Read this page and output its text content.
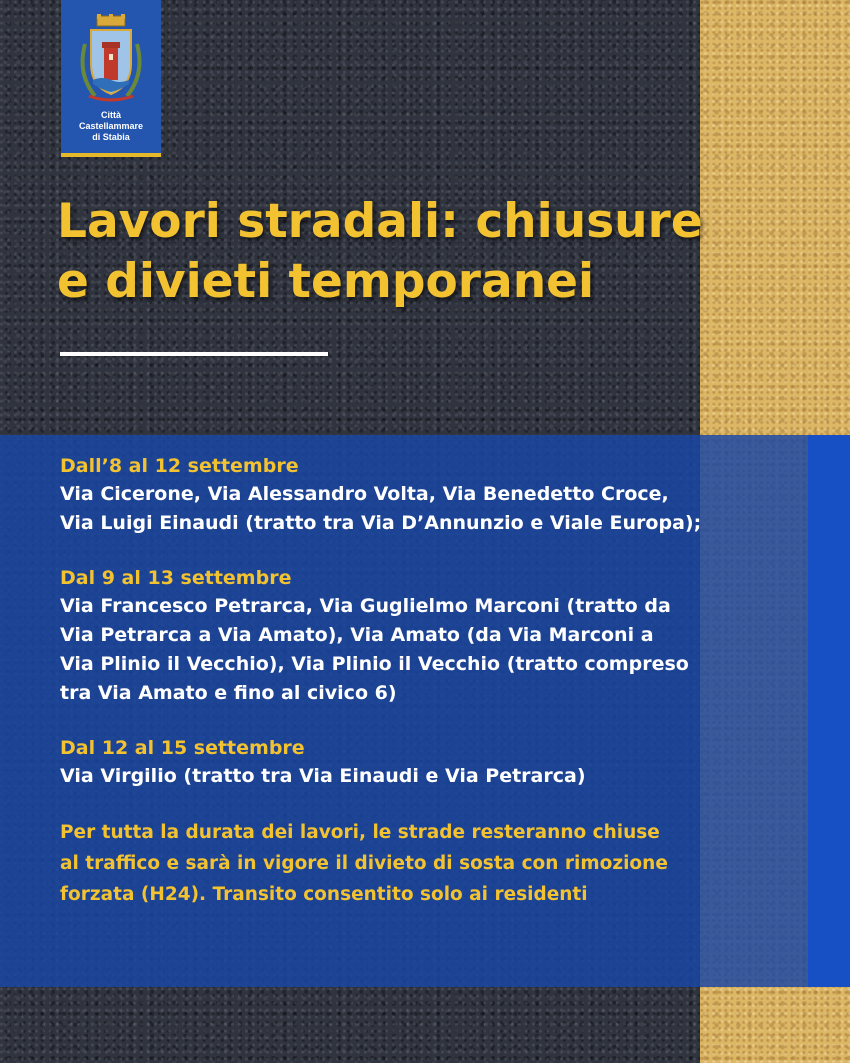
Città
Castellammare
di Stabia
Lavori stradali: chiusure
e divieti temporanei

Dall’8 al 12 settembre

Via Cicerone, Via Alessandro Volta, Via Benedetto Croce,

Via Luigi Einaudi (tratto tra Via D’Annunzio e Viale Europa);

Dal 9 al 13 settembre

Via Francesco Petrarca, Via Guglielmo Marconi (tratto da

Via Petrarca a Via Amato), Via Amato (da Via Marconi a

Via Plinio il Vecchio), Via Plinio il Vecchio (tratto compreso

tra Via Amato e fino al civico 6)

Dal 12 al 15 settembre

Via Virgilio (tratto tra Via Einaudi e Via Petrarca)

Per tutta la durata dei lavori, le strade resteranno chiuse

al traffico e sarà in vigore il divieto di sosta con rimozione

forzata (H24). Transito consentito solo ai residenti
